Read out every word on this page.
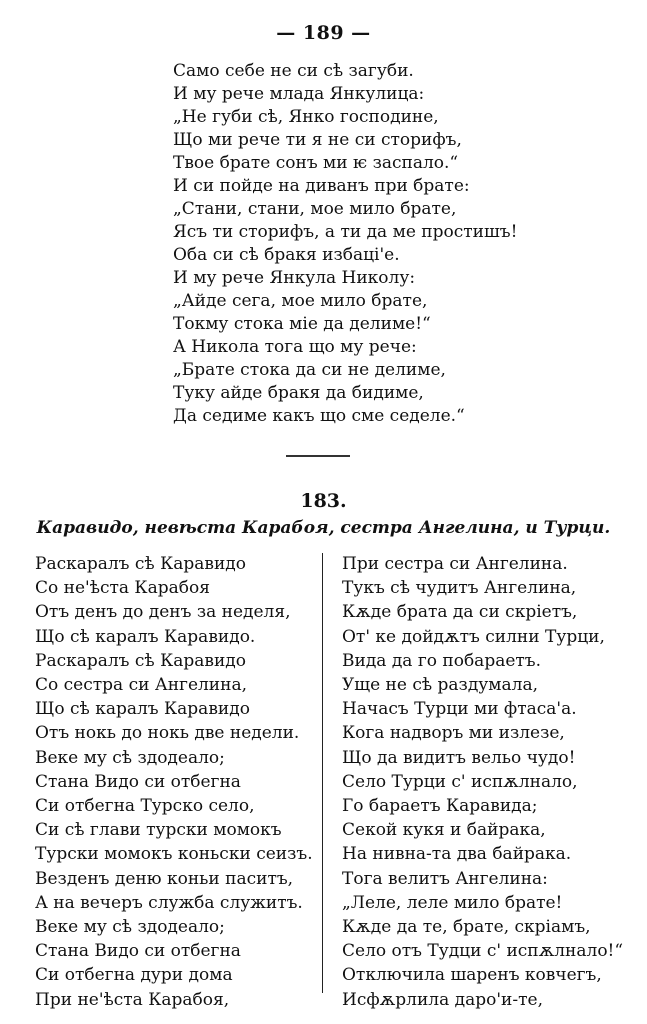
— 189 —
Само себе не си сѣ загуби.
И му рече млада Янкулица:
„Не губи сѣ, Янко господине,
Що ми рече ти я не си сторифъ,
Твое брате сонъ ми ѥ заспало.“
И си пойде на диванъ при брате:
„Стани, стани, мое мило брате,
Ясъ ти сторифъ, а ти да ме простишъ!
Оба си сѣ бракя избаці'е.
И му рече Янкула Николу:
„Айде сега, мое мило брате,
Токму стока міе да делиме!“
А Никола тога що му рече:
„Брате стока да си не делиме,
Туку айде бракя да бидиме,
Да седиме какъ що сме седеле.“
183.
Каравидо, невѣста Карабоя, сестра Ангелина, и Турци.
Раскаралъ сѣ Каравидо
Со не'ѣста Карабоя
Отъ денъ до денъ за неделя,
Що сѣ каралъ Каравидо.
Раскаралъ сѣ Каравидо
Со сестра си Ангелина,
Що сѣ каралъ Каравидо
Отъ нокь до нокь две недели.
Веке му сѣ здодеало;
Стана Видо си отбегна
Си отбегна Турско село,
Си сѣ глави турски момокъ
Турски момокъ коньски сеизъ.
Везденъ деню коньи паситъ,
А на вечеръ служба служитъ.
Веке му сѣ здодеало;
Стана Видо си отбегна
Си отбегна дури дома
При не'ѣста Карабоя,
При сестра си Ангелина.
Тукъ сѣ чудитъ Ангелина,
Кѫде брата да си скріетъ,
От' ке дойдѫтъ силни Турци,
Вида да го побараетъ.
Уще не сѣ раздумала,
Начасъ Турци ми фтаса'а.
Кога надворъ ми излезе,
Що да видитъ вельо чудо!
Село Турци с' испѫлнало,
Го бараетъ Каравида;
Секой кукя и байрака,
На нивна-та два байрака.
Тога велитъ Ангелина:
„Леле, леле мило брате!
Кѫде да те, брате, скріамъ,
Село отъ Тудци с' испѫлнало!“
Отключила шаренъ ковчегъ,
Исфѫрлила даро'и-те,
